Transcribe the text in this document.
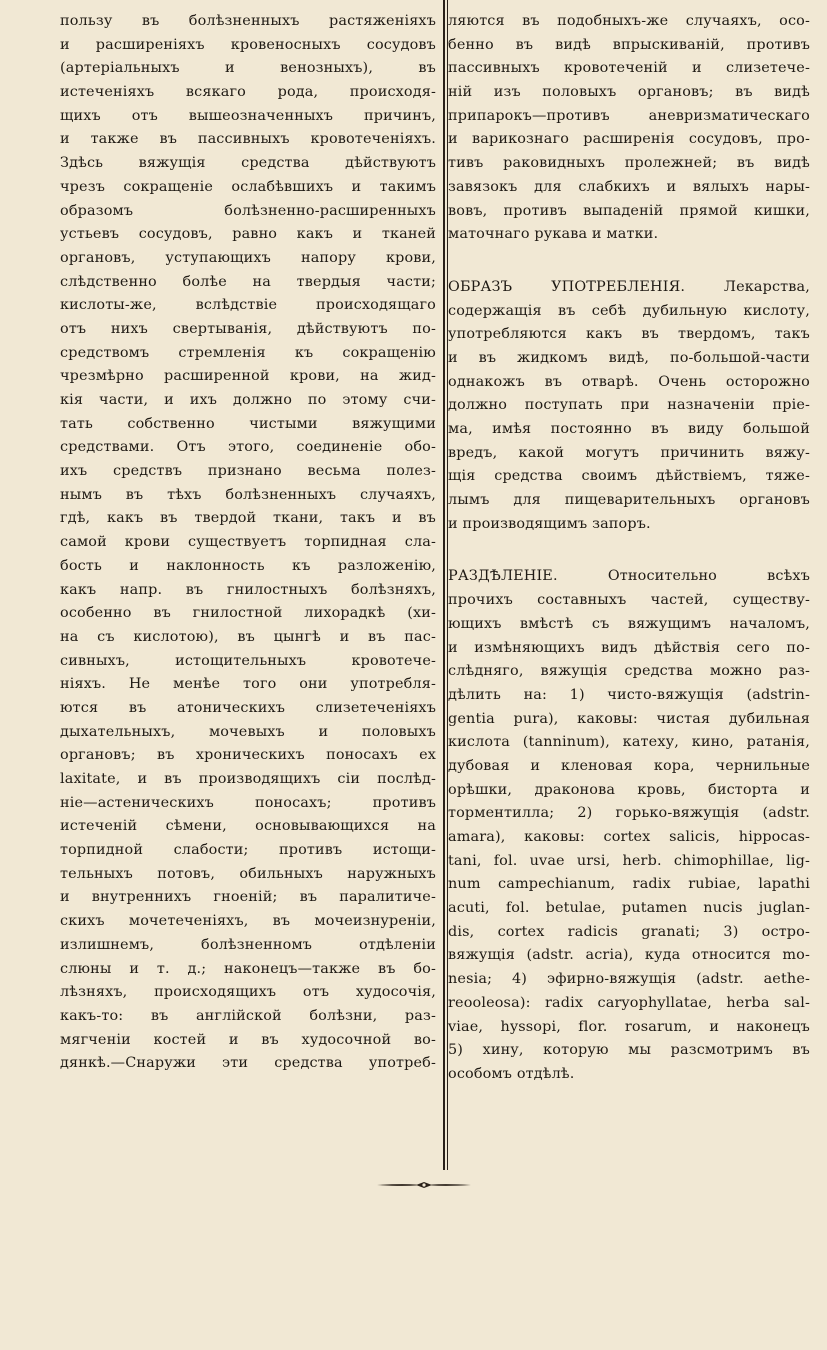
пользу въ болѣзненныхъ растяженіяхъ
и расширеніяхъ кровеносныхъ сосудовъ
(артеріальныхъ и венозныхъ), въ
истеченіяхъ всякаго рода, происходя-
щихъ отъ вышеозначенныхъ причинъ,
и также въ пассивныхъ кровотеченіяхъ.
Здѣсь вяжущія средства дѣйствуютъ
чрезъ сокращеніе ослабѣвшихъ и такимъ
образомъ болѣзненно-расширенныхъ
устьевъ сосудовъ, равно какъ и тканей
органовъ, уступающихъ напору крови,
слѣдственно болѣе на твердыя части;
кислоты-же, вслѣдствіе происходящаго
отъ нихъ свертыванія, дѣйствуютъ по-
средствомъ стремленія къ сокращенію
чрезмѣрно расширенной крови, на жид-
кія части, и ихъ должно по этому счи-
тать собственно чистыми вяжущими
средствами. Отъ этого, соединеніе обо-
ихъ средствъ признано весьма полез-
нымъ въ тѣхъ болѣзненныхъ случаяхъ,
гдѣ, какъ въ твердой ткани, такъ и въ
самой крови существуетъ торпидная сла-
бость и наклонность къ разложенію,
какъ напр. въ гнилостныхъ болѣзняхъ,
особенно въ гнилостной лихорадкѣ (хи-
на съ кислотою), въ цынгѣ и въ пас-
сивныхъ, истощительныхъ кровотече-
ніяхъ. Не менѣе того они употребля-
ются въ атоническихъ слизетеченіяхъ
дыхательныхъ, мочевыхъ и половыхъ
органовъ; въ хроническихъ поносахъ ex
laxitate, и въ производящихъ сіи послѣд-
ніе—астеническихъ поносахъ; противъ
истеченій сѣмени, основывающихся на
торпидной слабости; противъ истощи-
тельныхъ потовъ, обильныхъ наружныхъ
и внутреннихъ гноеній; въ паралитиче-
скихъ мочетеченіяхъ, въ мочеизнуреніи,
излишнемъ, болѣзненномъ отдѣленіи
слюны и т. д.; наконецъ—также въ бо-
лѣзняхъ, происходящихъ отъ худосочія,
какъ-то: въ англійской болѣзни, раз-
мягченіи костей и въ худосочной во-
дянкѣ.—Снаружи эти средства употреб-
ляются въ подобныхъ-же случаяхъ, осо-
бенно въ видѣ впрыскиваній, противъ
пассивныхъ кровотеченій и слизетече-
ній изъ половыхъ органовъ; въ видѣ
припарокъ—противъ аневризматическаго
и варикознаго расширенія сосудовъ, про-
тивъ раковидныхъ пролежней; въ видѣ
завязокъ для слабкихъ и вялыхъ нары-
вовъ, противъ выпаденій прямой кишки,
маточнаго рукава и матки.
ОБРАЗЪ УПОТРЕБЛЕНІЯ. Лекарства,
содержащія въ себѣ дубильную кислоту,
употребляются какъ въ твердомъ, такъ
и въ жидкомъ видѣ, по-большой-части
однакожъ въ отварѣ. Очень осторожно
должно поступать при назначеніи пріе-
ма, имѣя постоянно въ виду большой
вредъ, какой могутъ причинить вяжу-
щія средства своимъ дѣйствіемъ, тяже-
лымъ для пищеварительныхъ органовъ
и производящимъ запоръ.
РАЗДѢЛЕНІЕ. Относительно всѣхъ
прочихъ составныхъ частей, существу-
ющихъ вмѣстѣ съ вяжущимъ началомъ,
и измѣняющихъ видъ дѣйствія сего по-
слѣдняго, вяжущія средства можно раз-
дѣлить на: 1) чисто-вяжущія (adstrin-
gentia pura), каковы: чистая дубильная
кислота (tanninum), катеху, кино, ратанія,
дубовая и кленовая кора, чернильные
орѣшки, драконова кровь, бисторта и
торментилла; 2) горько-вяжущія (adstr.
amara), каковы: cortex salicis, hippocas-
tani, fol. uvae ursi, herb. chimophillae, lig-
num campechianum, radix rubiae, lapathi
acuti, fol. betulae, putamen nucis juglan-
dis, cortex radicis granati; 3) остро-
вяжущія (adstr. acria), куда относится mo-
nesia; 4) эфирно-вяжущія (adstr. aethe-
reooleosa): radix caryophyllatae, herba sal-
viae, hyssopi, flor. rosarum, и наконецъ
5) хину, которую мы разсмотримъ въ
особомъ отдѣлѣ.
